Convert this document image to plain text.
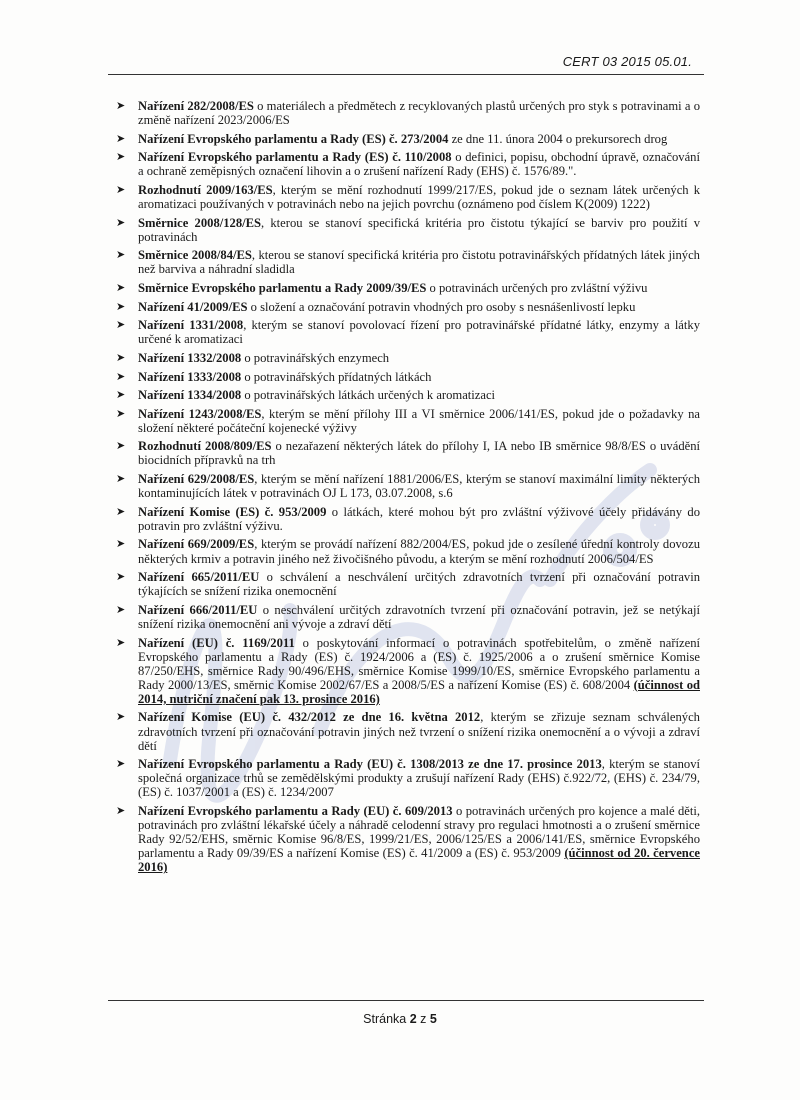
CERT 03 2015 05.01.
➤ Nařízení 282/2008/ES o materiálech a předmětech z recyklovaných plastů určených pro styk s potravinami a o změně nařízení 2023/2006/ES
➤ Nařízení Evropského parlamentu a Rady (ES) č. 273/2004 ze dne 11. února 2004 o prekursorech drog
➤ Nařízení Evropského parlamentu a Rady (ES) č. 110/2008 o definici, popisu, obchodní úpravě, označování a ochraně zeměpisných označení lihovin a o zrušení nařízení Rady (EHS) č. 1576/89.".
➤ Rozhodnutí 2009/163/ES, kterým se mění rozhodnutí 1999/217/ES, pokud jde o seznam látek určených k aromatizaci používaných v potravinách nebo na jejich povrchu (oznámeno pod číslem K(2009) 1222)
➤ Směrnice 2008/128/ES, kterou se stanoví specifická kritéria pro čistotu týkající se barviv pro použití v potravinách
➤ Směrnice 2008/84/ES, kterou se stanoví specifická kritéria pro čistotu potravinářských přídatných látek jiných než barviva a náhradní sladidla
➤ Směrnice Evropského parlamentu a Rady 2009/39/ES o potravinách určených pro zvláštní výživu
➤ Nařízení 41/2009/ES o složení a označování potravin vhodných pro osoby s nesnášenlivostí lepku
➤ Nařízení 1331/2008, kterým se stanoví povolovací řízení pro potravinářské přídatné látky, enzymy a látky určené k aromatizaci
➤ Nařízení 1332/2008 o potravinářských enzymech
➤ Nařízení 1333/2008 o potravinářských přídatných látkách
➤ Nařízení 1334/2008 o potravinářských látkách určených k aromatizaci
➤ Nařízení 1243/2008/ES, kterým se mění přílohy III a VI směrnice 2006/141/ES, pokud jde o požadavky na složení některé počáteční kojenecké výživy
➤ Rozhodnutí 2008/809/ES o nezařazení některých látek do přílohy I, IA nebo IB směrnice 98/8/ES o uvádění biocidních přípravků na trh
➤ Nařízení 629/2008/ES, kterým se mění nařízení 1881/2006/ES, kterým se stanoví maximální limity některých kontaminujících látek v potravinách OJ L 173, 03.07.2008, s.6
➤ Nařízení Komise (ES) č. 953/2009 o látkách, které mohou být pro zvláštní výživové účely přidávány do potravin pro zvláštní výživu.
➤ Nařízení 669/2009/ES, kterým se provádí nařízení 882/2004/ES, pokud jde o zesílené úřední kontroly dovozu některých krmiv a potravin jiného než živočišného původu, a kterým se mění rozhodnutí 2006/504/ES
➤ Nařízení 665/2011/EU o schválení a neschválení určitých zdravotních tvrzení při označování potravin týkajících se snížení rizika onemocnění
➤ Nařízení 666/2011/EU o neschválení určitých zdravotních tvrzení při označování potravin, jež se netýkají snížení rizika onemocnění ani vývoje a zdraví dětí
➤ Nařízení (EU) č. 1169/2011 o poskytování informací o potravinách spotřebitelům, o změně nařízení Evropského parlamentu a Rady (ES) č. 1924/2006 a (ES) č. 1925/2006 a o zrušení směrnice Komise 87/250/EHS, směrnice Rady 90/496/EHS, směrnice Komise 1999/10/ES, směrnice Evropského parlamentu a Rady 2000/13/ES, směrnic Komise 2002/67/ES a 2008/5/ES a nařízení Komise (ES) č. 608/2004 (účinnost od 2014, nutriční značení pak 13. prosince 2016)
➤ Nařízení Komise (EU) č. 432/2012 ze dne 16. května 2012, kterým se zřizuje seznam schválených zdravotních tvrzení při označování potravin jiných než tvrzení o snížení rizika onemocnění a o vývoji a zdraví dětí
➤ Nařízení Evropského parlamentu a Rady (EU) č. 1308/2013 ze dne 17. prosince 2013, kterým se stanoví společná organizace trhů se zemědělskými produkty a zrušují nařízení Rady (EHS) č.922/72, (EHS) č. 234/79, (ES) č. 1037/2001 a (ES) č. 1234/2007
➤ Nařízení Evropského parlamentu a Rady (EU) č. 609/2013 o potravinách určených pro kojence a malé děti, potravinách pro zvláštní lékařské účely a náhradě celodenní stravy pro regulaci hmotnosti a o zrušení směrnice Rady 92/52/EHS, směrnic Komise 96/8/ES, 1999/21/ES, 2006/125/ES a 2006/141/ES, směrnice Evropského parlamentu a Rady 09/39/ES a nařízení Komise (ES) č. 41/2009 a (ES) č. 953/2009 (účinnost od 20. července 2016)
Stránka 2 z 5
